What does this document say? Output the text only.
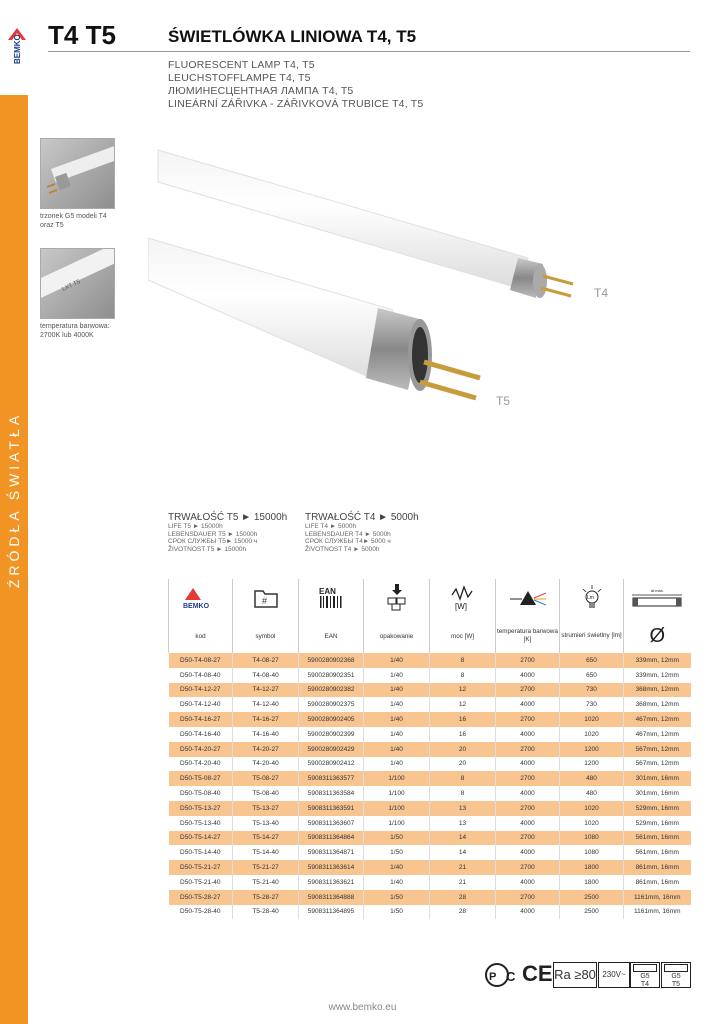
ŹRÓDŁA ŚWIATŁA
BEMKO T4 T5	ŚWIETLÓWKA LINIOWA T4, T5
FLUORESCENT LAMP T4, T5
LEUCHSTOFFLAMPE T4, T5
ЛЮМИНЕСЦЕНТНАЯ ЛАМПА T4, T5
LINEÁRNÍ ZÁŘIVKA - ZÁŘIVKOVÁ TRUBICE T4, T5
trzonek G5 modeli T4 oraz T5
LXT T5
temperatura barwowa: 2700K lub 4000K
T4
T5
TRWAŁOŚĆ T5 ► 15000h
LIFE T5 ► 15000h
LEBENSDAUER T5 ► 15000h
СРОК СЛУЖБЫ T5► 15000 ч
ŽIVOTNOST T5 ► 15000h
TRWAŁOŚĆ T4 ► 5000h
LIFE T4 ► 5000h
LEBENSDAUER T4 ► 5000h
СРОК СЛУЖБЫ T4► 5000 ч
ŽIVOTNOST T4 ► 5000h
BEMKO	#	EAN		[W]		Lm	dł.max.

kod	symbol	EAN	opakowanie	moc [W]	temperatura barwowa [K]	strumień świetlny [lm]	Ø
D50-T4-08-27	T4-08-27	5900280902368	1/40	8	2700	650	339mm, 12mm
D50-T4-08-40	T4-08-40	5900280902351	1/40	8	4000	650	339mm, 12mm
D50-T4-12-27	T4-12-27	5900280902382	1/40	12	2700	730	368mm, 12mm
D50-T4-12-40	T4-12-40	5900280902375	1/40	12	4000	730	368mm, 12mm
D50-T4-16-27	T4-16-27	5900280902405	1/40	16	2700	1020	467mm, 12mm
D50-T4-16-40	T4-16-40	5900280902399	1/40	16	4000	1020	467mm, 12mm
D50-T4-20-27	T4-20-27	5900280902429	1/40	20	2700	1200	567mm, 12mm
D50-T4-20-40	T4-20-40	5900280902412	1/40	20	4000	1200	567mm, 12mm
D50-T5-08-27	T5-08-27	5908311363577	1/100	8	2700	480	301mm, 16mm
D50-T5-08-40	T5-08-40	5908311363584	1/100	8	4000	480	301mm, 16mm
D50-T5-13-27	T5-13-27	5908311363591	1/100	13	2700	1020	529mm, 16mm
D50-T5-13-40	T5-13-40	5908311363607	1/100	13	4000	1020	529mm, 16mm
D50-T5-14-27	T5-14-27	5908311364864	1/50	14	2700	1080	561mm, 16mm
D50-T5-14-40	T5-14-40	5908311364871	1/50	14	4000	1080	561mm, 16mm
D50-T5-21-27	T5-21-27	5908311363614	1/40	21	2700	1800	861mm, 16mm
D50-T5-21-40	T5-21-40	5908311363621	1/40	21	4000	1800	861mm, 16mm
D50-T5-28-27	T5-28-27	5908311364888	1/50	28	2700	2500	1161mm, 16mm
D50-T5-28-40	T5-28-40	5908311364895	1/50	28	4000	2500	1161mm, 16mm
P C CE Ra ≥80 230V~	G5
T4
G5
T5
www.bemko.eu
